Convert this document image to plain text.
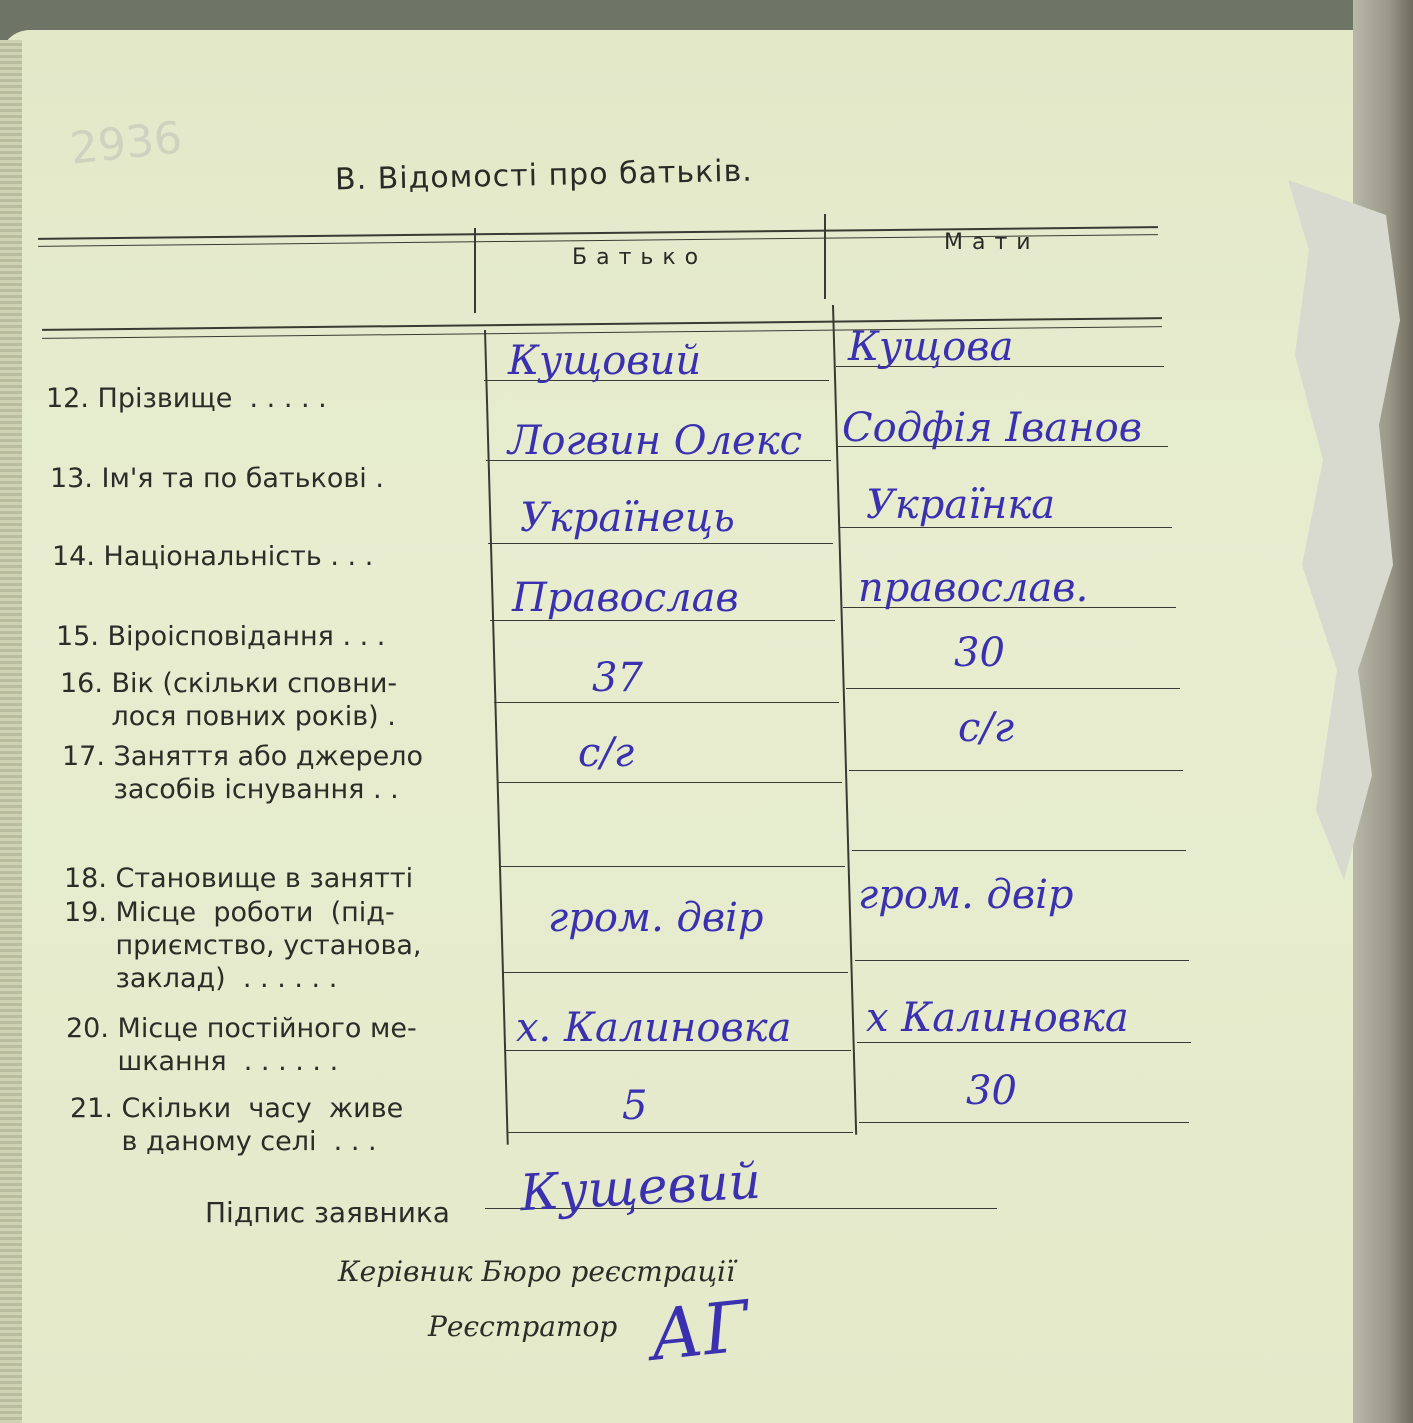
2936
В. Відомості про батьків.
Батько
Мати
12. Прізвище  . . . . .
13. Ім'я та по батькові .
14. Національність . . .
15. Віроісповідання . . .
16. Вік (скільки сповни-
лося повних років) .
17. Заняття або джерело
засобів існування . .
18. Становище в занятті
19. Місце  роботи  (під-
приємство, установа,
заклад)  . . . . . .
20. Місце постійного ме-
шкання  . . . . . .
21. Скільки  часу  живе
в даному селі  . . .
Кущовий
Логвин Олекс
Українець
Православ
37
с/г
гром. двір
х. Калиновка
5
Кущова
Содфія Іванов
Українка
православ.
30
с/г
гром. двір
х Калиновка
30
Підпис заявника Кущевий
Керівник Бюро реєстрації
Реєстратор АГ
